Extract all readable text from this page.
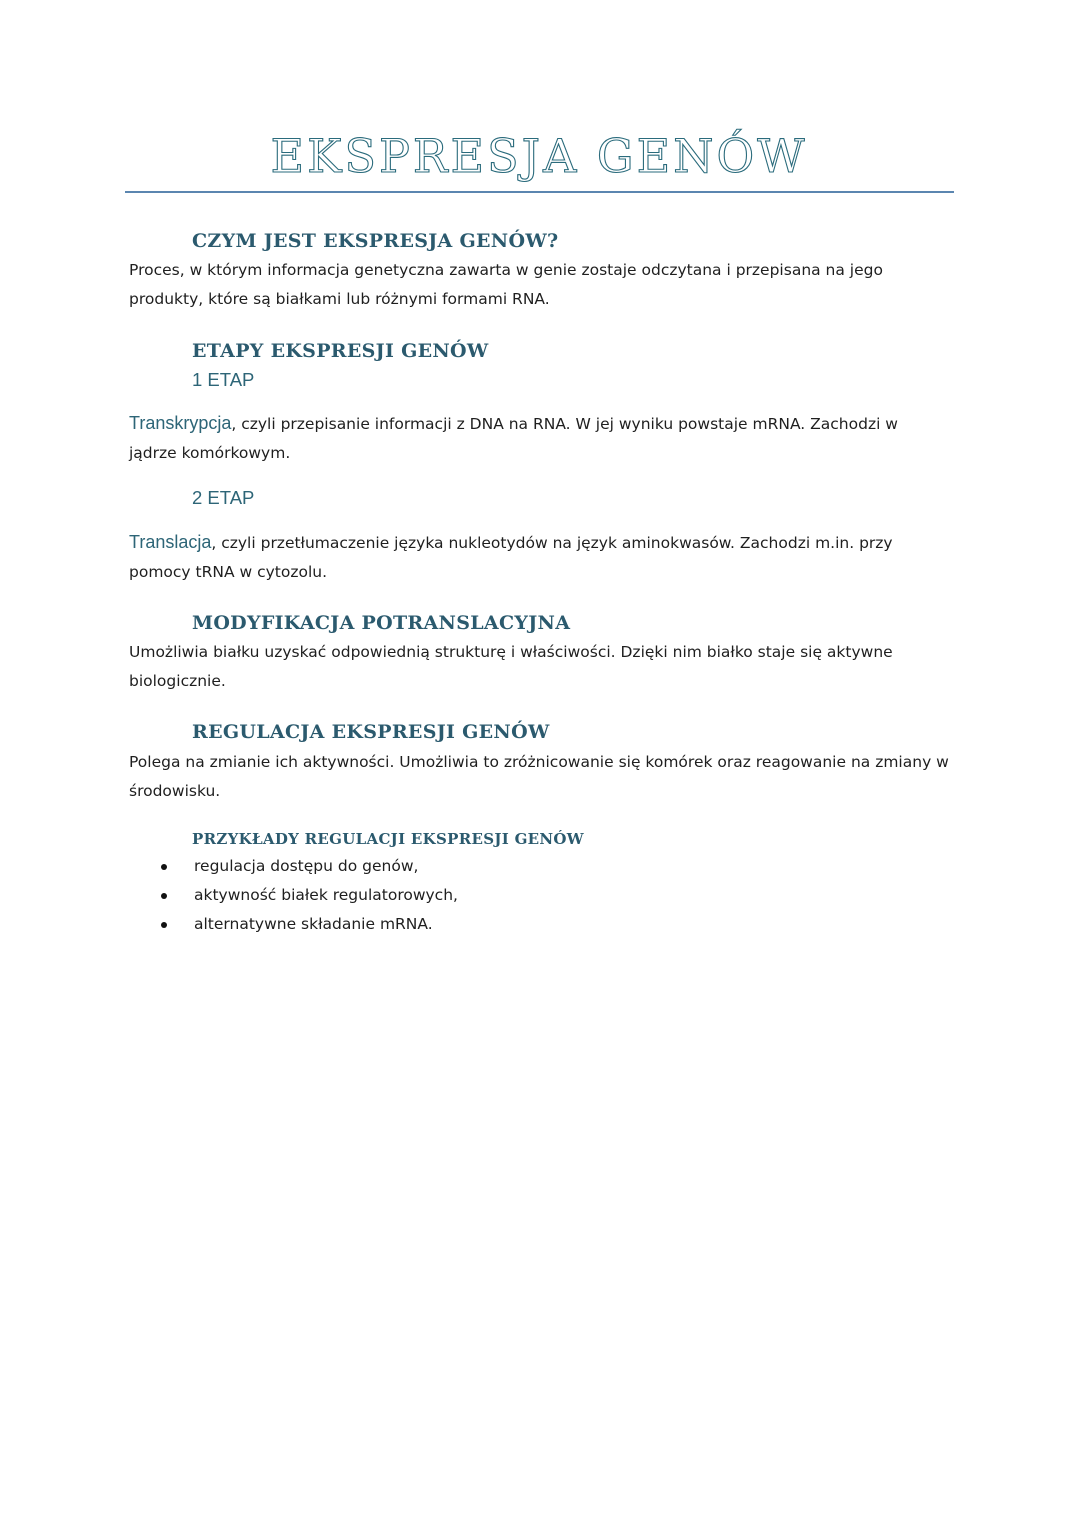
EKSPRESJA GENÓW
CZYM JEST EKSPRESJA GENÓW?
Proces, w którym informacja genetyczna zawarta w genie zostaje odczytana i przepisana na jego produkty, które są białkami lub różnymi formami RNA.
ETAPY EKSPRESJI GENÓW
1 ETAP
Transkrypcja, czyli przepisanie informacji z DNA na RNA. W jej wyniku powstaje mRNA. Zachodzi w jądrze komórkowym.
2 ETAP
Translacja, czyli przetłumaczenie języka nukleotydów na język aminokwasów. Zachodzi m.in. przy pomocy tRNA w cytozolu.
MODYFIKACJA POTRANSLACYJNA
Umożliwia białku uzyskać odpowiednią strukturę i właściwości. Dzięki nim białko staje się aktywne biologicznie.
REGULACJA EKSPRESJI GENÓW
Polega na zmianie ich aktywności. Umożliwia to zróżnicowanie się komórek oraz reagowanie na zmiany w środowisku.
PRZYKŁADY REGULACJI EKSPRESJI GENÓW
regulacja dostępu do genów,
aktywność białek regulatorowych,
alternatywne składanie mRNA.
